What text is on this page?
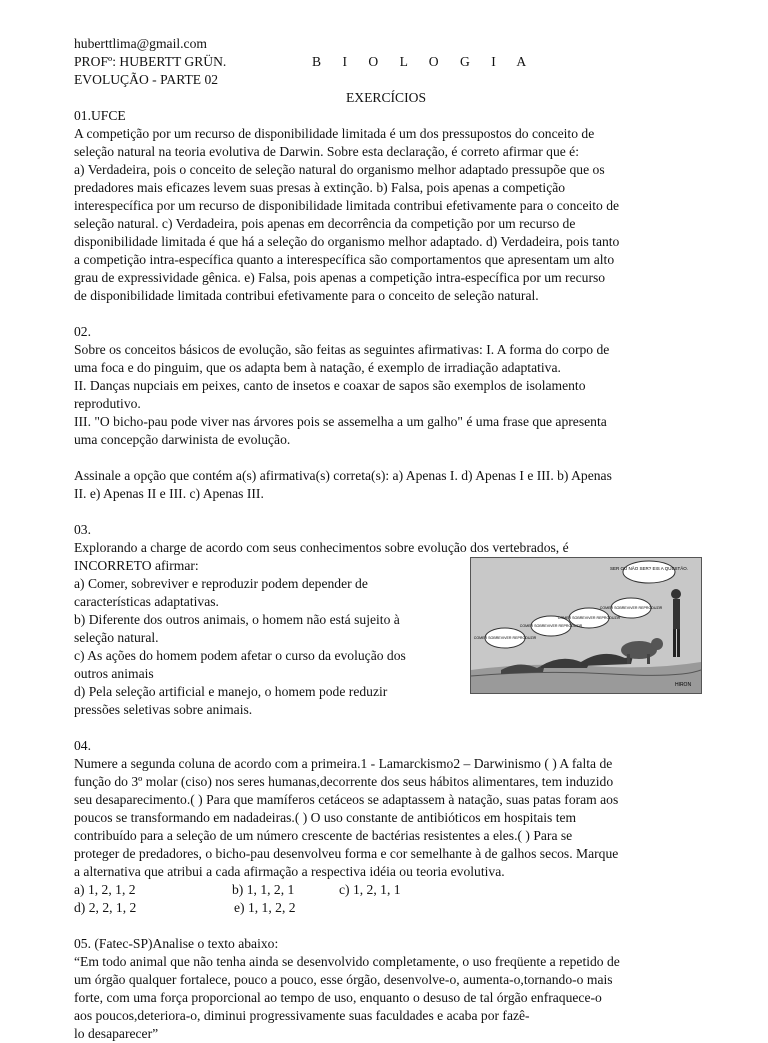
huberttlima@gmail.com
PROFº: HUBERTT GRÜN.	B I O L O G I A
EVOLUÇÃO - PARTE 02
EXERCÍCIOS
01.UFCE
A competição por um recurso de disponibilidade limitada é um dos pressupostos do conceito de
seleção natural na teoria evolutiva de Darwin. Sobre esta declaração, é correto afirmar que é:
a) Verdadeira, pois o conceito de seleção natural do organismo melhor adaptado pressupõe que os
predadores mais eficazes levem suas presas à extinção. b) Falsa, pois apenas a competição
interespecífica por um recurso de disponibilidade limitada contribui efetivamente para o conceito de
seleção natural. c) Verdadeira, pois apenas em decorrência da competição por um recurso de
disponibilidade limitada é que há a seleção do organismo melhor adaptado. d) Verdadeira, pois tanto
a competição intra-específica quanto a interespecífica são comportamentos que apresentam um alto
grau de expressividade gênica. e) Falsa, pois apenas a competição intra-específica por um recurso
de disponibilidade limitada contribui efetivamente para o conceito de seleção natural.
02.
Sobre os conceitos básicos de evolução, são feitas as seguintes afirmativas: I. A forma do corpo de
uma foca e do pinguim, que os adapta bem à natação, é exemplo de irradiação adaptativa.
II. Danças nupciais em peixes, canto de insetos e coaxar de sapos são exemplos de isolamento
reprodutivo.
III. "O bicho-pau pode viver nas árvores pois se assemelha a um galho" é uma frase que apresenta
uma concepção darwinista de evolução.
Assinale a opção que contém a(s) afirmativa(s) correta(s): a) Apenas I. d) Apenas I e III. b) Apenas
II. e) Apenas II e III. c) Apenas III.
03.
Explorando a charge de acordo com seus conhecimentos sobre evolução dos vertebrados, é
INCORRETO afirmar:
a) Comer, sobreviver e reproduzir podem depender de
características adaptativas.
b) Diferente dos outros animais, o homem não está sujeito à
seleção natural.
c) As ações do homem podem afetar o curso da evolução dos
outros animais
d) Pela seleção artificial e manejo, o homem pode reduzir
pressões seletivas sobre animais.
SER OU NÃO SER? EIS A QUESTÃO.
COMER SOBREVIVER REPRODUZIR
COMER SOBREVIVER REPRODUZIR
COMER SOBREVIVER REPRODUZIR
COMER SOBREVIVER REPRODUZIR
HIRON
04.
Numere a segunda coluna de acordo com a primeira.1 - Lamarckismo2 – Darwinismo ( ) A falta de
função do 3º molar (ciso) nos seres humanas,decorrente dos seus hábitos alimentares, tem induzido
seu desaparecimento.( ) Para que mamíferos cetáceos se adaptassem à natação, suas patas foram aos
poucos se transformando em nadadeiras.( ) O uso constante de antibióticos em hospitais tem
contribuído para a seleção de um número crescente de bactérias resistentes a eles.( ) Para se
proteger de predadores, o bicho-pau desenvolveu forma e cor semelhante à de galhos secos. Marque
a alternativa que atribui a cada afirmação a respectiva idéia ou teoria evolutiva.
a) 1, 2, 1, 2	b) 1, 1, 2, 1	c) 1, 2, 1, 1
d) 2, 2, 1, 2	e) 1, 1, 2, 2
05. (Fatec-SP)Analise o texto abaixo:
“Em todo animal que não tenha ainda se desenvolvido completamente, o uso freqüente a repetido de
um órgão qualquer fortalece, pouco a pouco, esse órgão, desenvolve-o, aumenta-o,tornando-o mais
forte, com uma força proporcional ao tempo de uso, enquanto o desuso de tal órgão enfraquece-o
aos poucos,deteriora-o, diminui progressivamente suas faculdades e acaba por fazê-
lo desaparecer”
